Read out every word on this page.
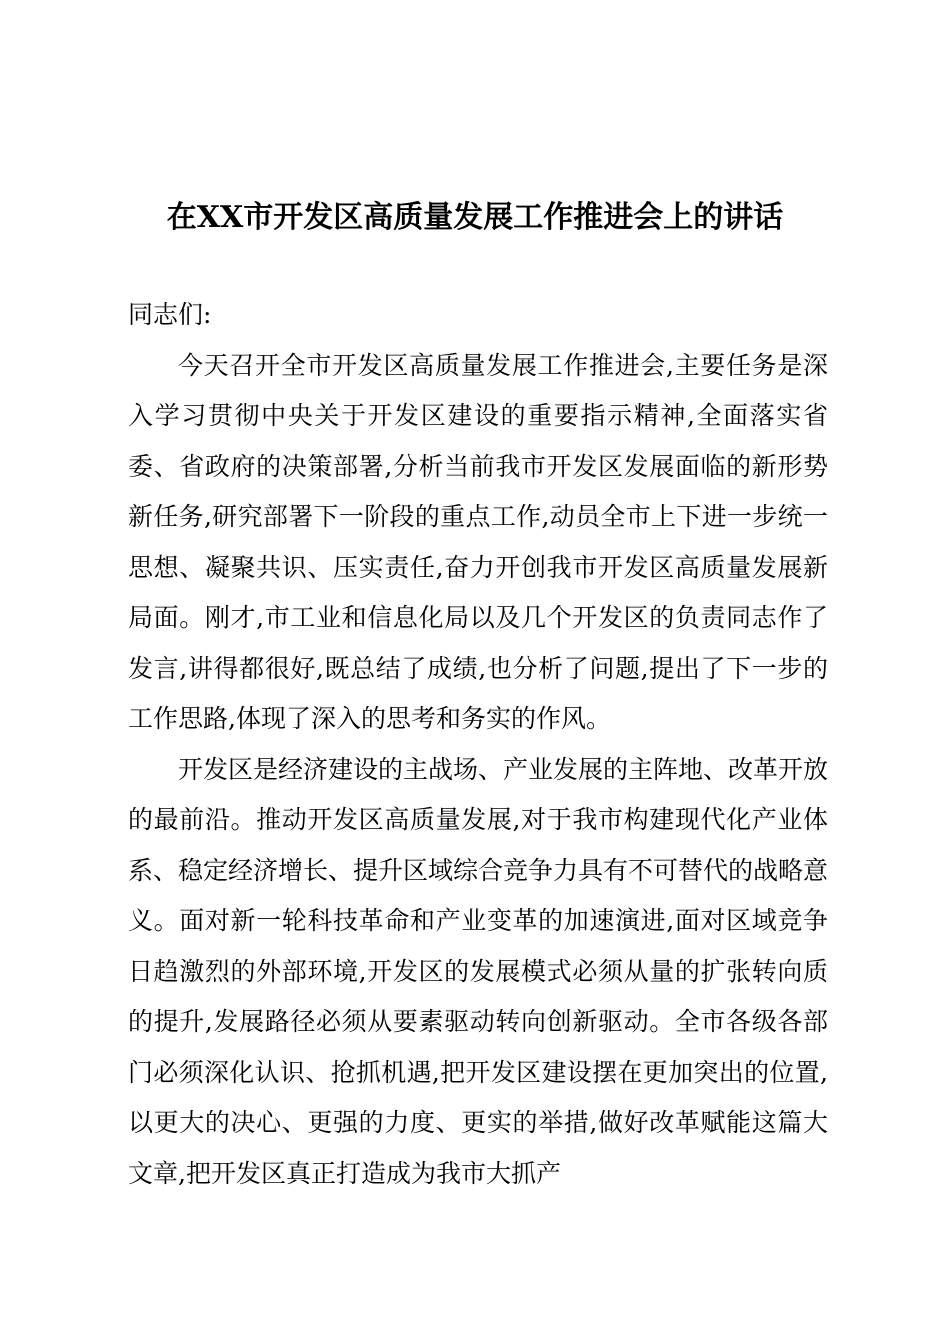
在XX市开发区高质量发展工作推进会上的讲话

同志们:

今天召开全市开发区高质量发展工作推进会,主要任务是深入学习贯彻中央关于开发区建设的重要指示精神,全面落实省委、省政府的决策部署,分析当前我市开发区发展面临的新形势新任务,研究部署下一阶段的重点工作,动员全市上下进一步统一思想、凝聚共识、压实责任,奋力开创我市开发区高质量发展新局面。刚才,市工业和信息化局以及几个开发区的负责同志作了发言,讲得都很好,既总结了成绩,也分析了问题,提出了下一步的工作思路,体现了深入的思考和务实的作风。

开发区是经济建设的主战场、产业发展的主阵地、改革开放的最前沿。推动开发区高质量发展,对于我市构建现代化产业体系、稳定经济增长、提升区域综合竞争力具有不可替代的战略意义。面对新一轮科技革命和产业变革的加速演进,面对区域竞争日趋激烈的外部环境,开发区的发展模式必须从量的扩张转向质的提升,发展路径必须从要素驱动转向创新驱动。全市各级各部门必须深化认识、抢抓机遇,把开发区建设摆在更加突出的位置,以更大的决心、更强的力度、更实的举措,做好改革赋能这篇大文章,把开发区真正打造成为我市大抓产
